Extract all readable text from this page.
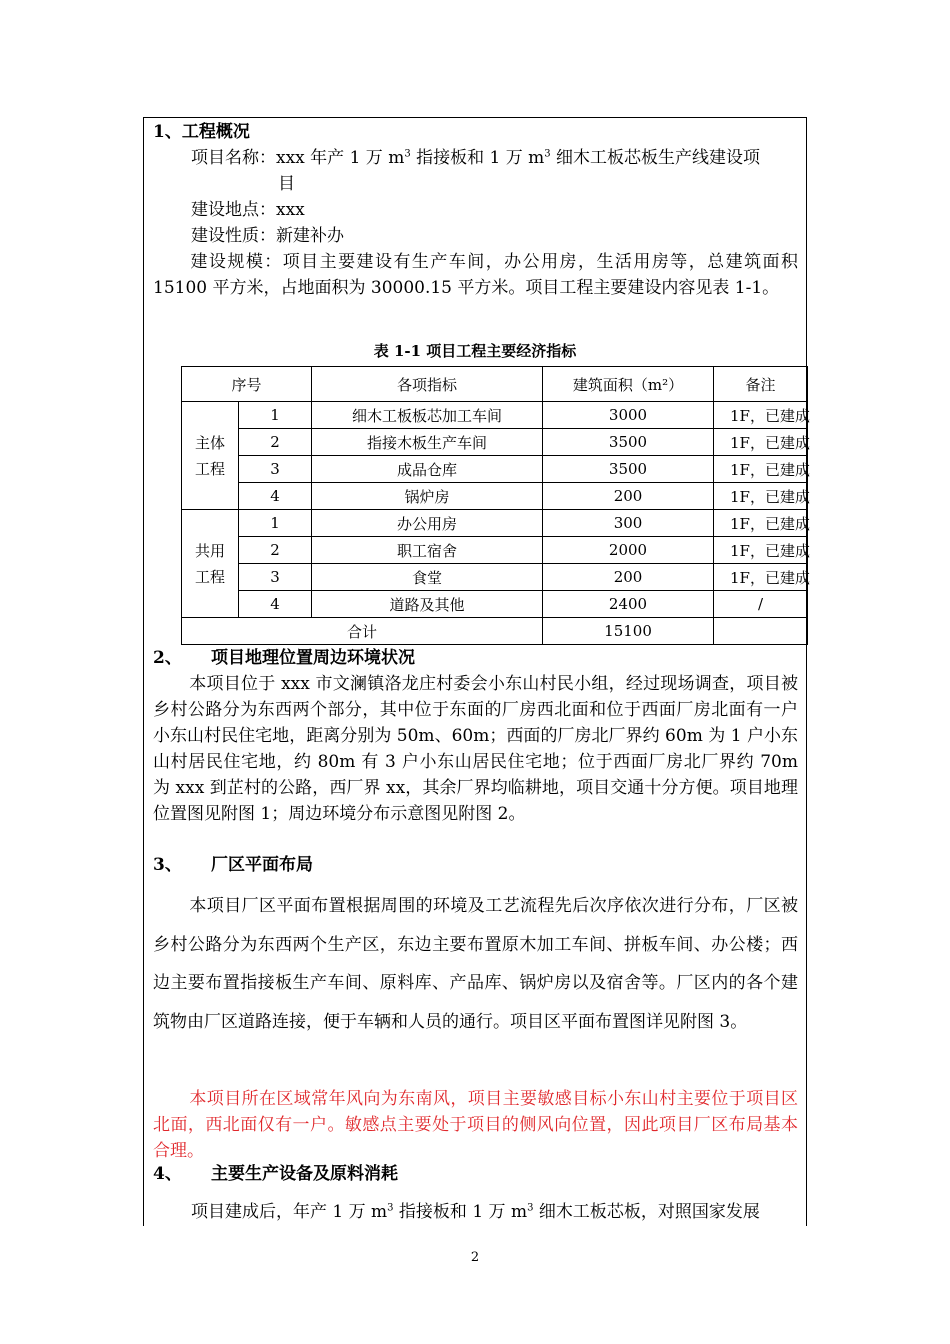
1、工程概况

项目名称：xxx 年产 1 万 $m^3$ 指接板和 1 万 $m^3$ 细木工板芯板生产线建设项

目

建设地点：xxx

建设性质：新建补办

建设规模：项目主要建设有生产车间，办公用房，生活用房等，总建筑面积 15100 平方米，占地面积为 30000.15 平方米。项目工程主要建设内容见表 1-1。

表 1-1 项目工程主要经济指标
序号		各项指标	建筑面积（m²）	备注
主体
工程	1	细木工板板芯加工车间	3000	1F，已建成
	2	指接木板生产车间	3500	1F，已建成
	3	成品仓库	3500	1F，已建成
	4	锅炉房	200	1F，已建成
共用
工程	1	办公用房	300	1F，已建成
	2	职工宿舍	2000	1F，已建成
	3	食堂	200	1F，已建成
	4	道路及其他	2400	/
合计			15100	

2、 项目地理位置周边环境状况

本项目位于 xxx 市文澜镇洛龙庄村委会小东山村民小组，经过现场调查，项目被乡村公路分为东西两个部分，其中位于东面的厂房西北面和位于西面厂房北面有一户小东山村民住宅地，距离分别为 50m、60m；西面的厂房北厂界约 60m 为 1 户小东山村居民住宅地，约 80m 有 3 户小东山居民住宅地；位于西面厂房北厂界约 70m 为 xxx 到芷村的公路，西厂界 xx，其余厂界均临耕地，项目交通十分方便。项目地理位置图见附图 1；周边环境分布示意图见附图 2。

3、 厂区平面布局

本项目厂区平面布置根据周围的环境及工艺流程先后次序依次进行分布，厂区被乡村公路分为东西两个生产区，东边主要布置原木加工车间、拼板车间、办公楼；西边主要布置指接板生产车间、原料库、产品库、锅炉房以及宿舍等。厂区内的各个建筑物由厂区道路连接，便于车辆和人员的通行。项目区平面布置图详见附图 3。

本项目所在区域常年风向为东南风，项目主要敏感目标小东山村主要位于项目区北面，西北面仅有一户。敏感点主要处于项目的侧风向位置，因此项目厂区布局基本合理。

4、 主要生产设备及原料消耗

项目建成后，年产 1 万 $m^3$ 指接板和 1 万 $m^3$ 细木工板芯板，对照国家发展

2
